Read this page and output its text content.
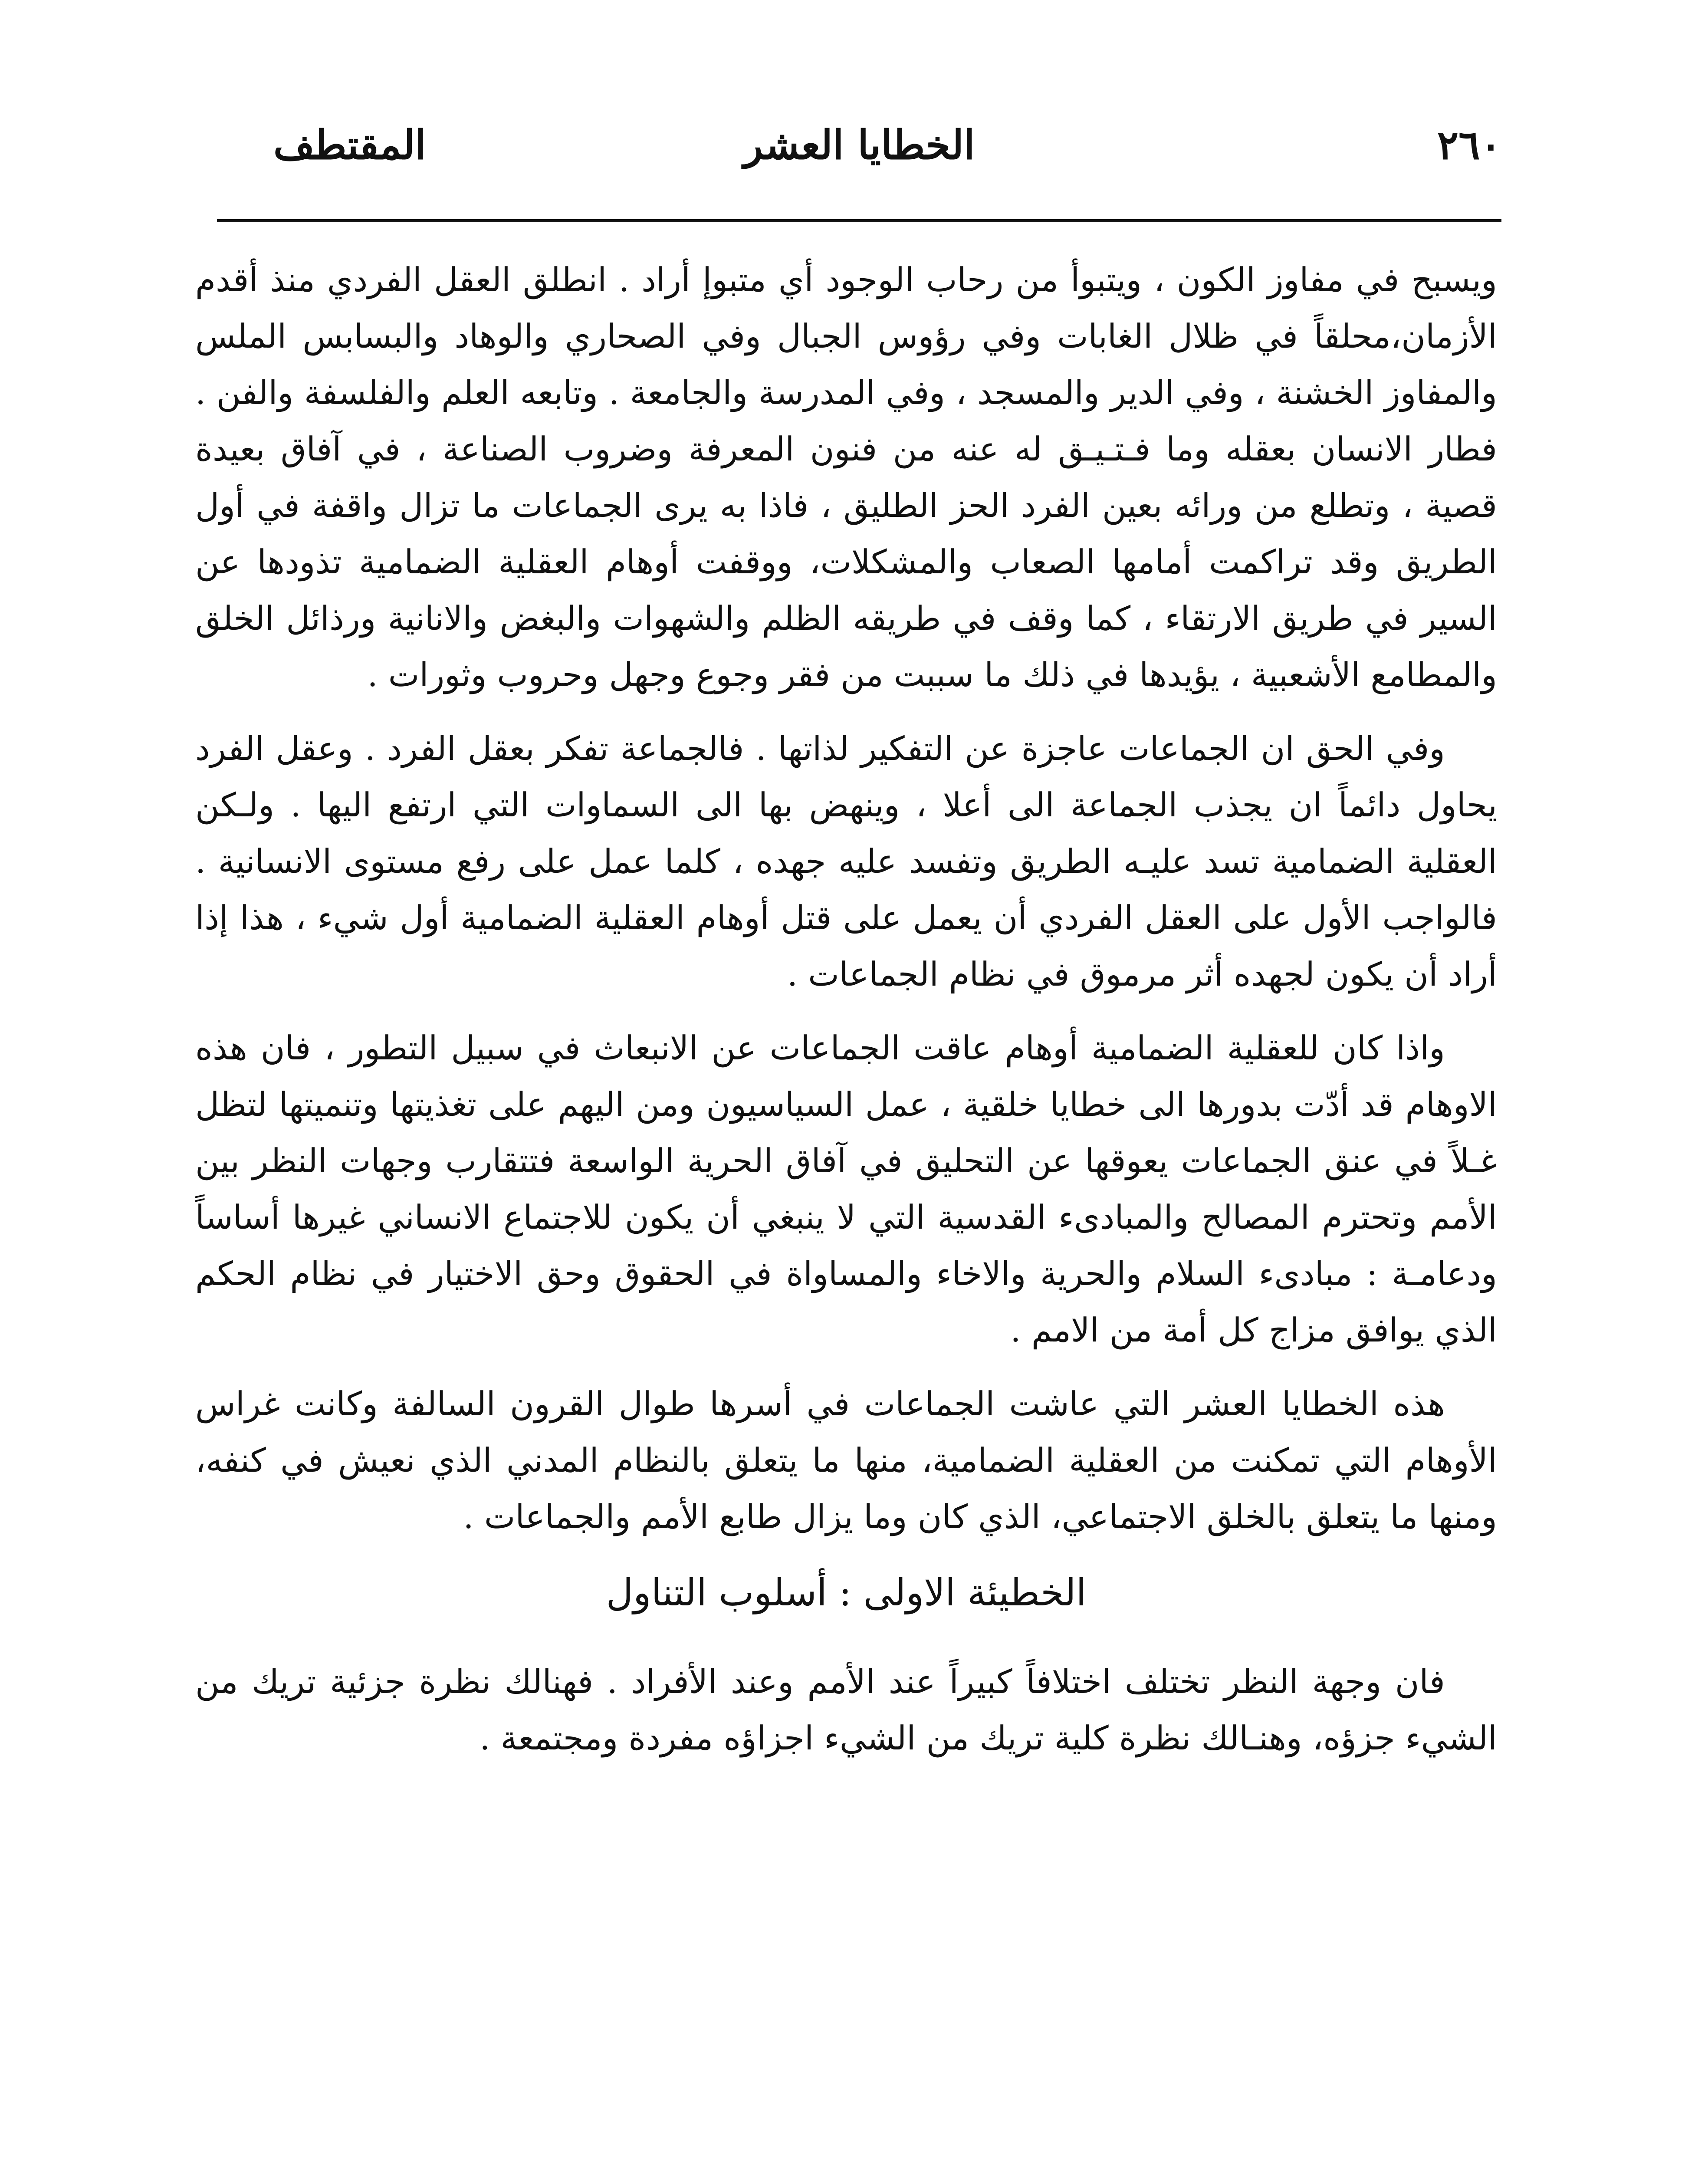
٢٦٠
الخطايا العشر
المقتطف

ويسبح في مفاوز الكون ، ويتبوأ من رحاب الوجود أي متبوإ أراد . انطلق العقل الفردي منذ أقدم الأزمان،محلقاً في ظلال الغابات وفي رؤوس الجبال وفي الصحاري والوهاد والبسابس الملس والمفاوز الخشنة ، وفي الدير والمسجد ، وفي المدرسة والجامعة . وتابعه العلم والفلسفة والفن . فطار الانسان بعقله وما فـتـيـق له عنه من فنون المعرفة وضروب الصناعة ، في آفاق بعيدة قصية ، وتطلع من ورائه بعين الفرد الحز الطليق ، فاذا به يرى الجماعات ما تزال واقفة في أول الطريق وقد تراكمت أمامها الصعاب والمشكلات، ووقفت أوهام العقلية الضمامية تذودها عن السير في طريق الارتقاء ، كما وقف في طريقه الظلم والشهوات والبغض والانانية ورذائل الخلق والمطامع الأشعبية ، يؤيدها في ذلك ما سببت من فقر وجوع وجهل وحروب وثورات .

وفي الحق ان الجماعات عاجزة عن التفكير لذاتها . فالجماعة تفكر بعقل الفرد . وعقل الفرد يحاول دائماً ان يجذب الجماعة الى أعلا ، وينهض بها الى السماوات التي ارتفع اليها . ولـكن العقلية الضمامية تسد عليـه الطريق وتفسد عليه جهده ، كلما عمل على رفع مستوى الانسانية . فالواجب الأول على العقل الفردي أن يعمل على قتل أوهام العقلية الضمامية أول شيء ، هذا إذا أراد أن يكون لجهده أثر مرموق في نظام الجماعات .

واذا كان للعقلية الضمامية أوهام عاقت الجماعات عن الانبعاث في سبيل التطور ، فان هذه الاوهام قد أدّت بدورها الى خطايا خلقية ، عمل السياسيون ومن اليهم على تغذيتها وتنميتها لتظل غـلاً في عنق الجماعات يعوقها عن التحليق في آفاق الحرية الواسعة فتتقارب وجهات النظر بين الأمم وتحترم المصالح والمبادىء القدسية التي لا ينبغي أن يكون للاجتماع الانساني غيرها أساساً ودعامـة : مبادىء السلام والحرية والاخاء والمساواة في الحقوق وحق الاختيار في نظام الحكم الذي يوافق مزاج كل أمة من الامم .

هذه الخطايا العشر التي عاشت الجماعات في أسرها طوال القرون السالفة وكانت غراس الأوهام التي تمكنت من العقلية الضمامية، منها ما يتعلق بالنظام المدني الذي نعيش في كنفه، ومنها ما يتعلق بالخلق الاجتماعي، الذي كان وما يزال طابع الأمم والجماعات .

الخطيئة الاولى : أسلوب التناول

فان وجهة النظر تختلف اختلافاً كبيراً عند الأمم وعند الأفراد . فهنالك نظرة جزئية تريك من الشيء جزؤه، وهنـالك نظرة كلية تريك من الشيء اجزاؤه مفردة ومجتمعة .
